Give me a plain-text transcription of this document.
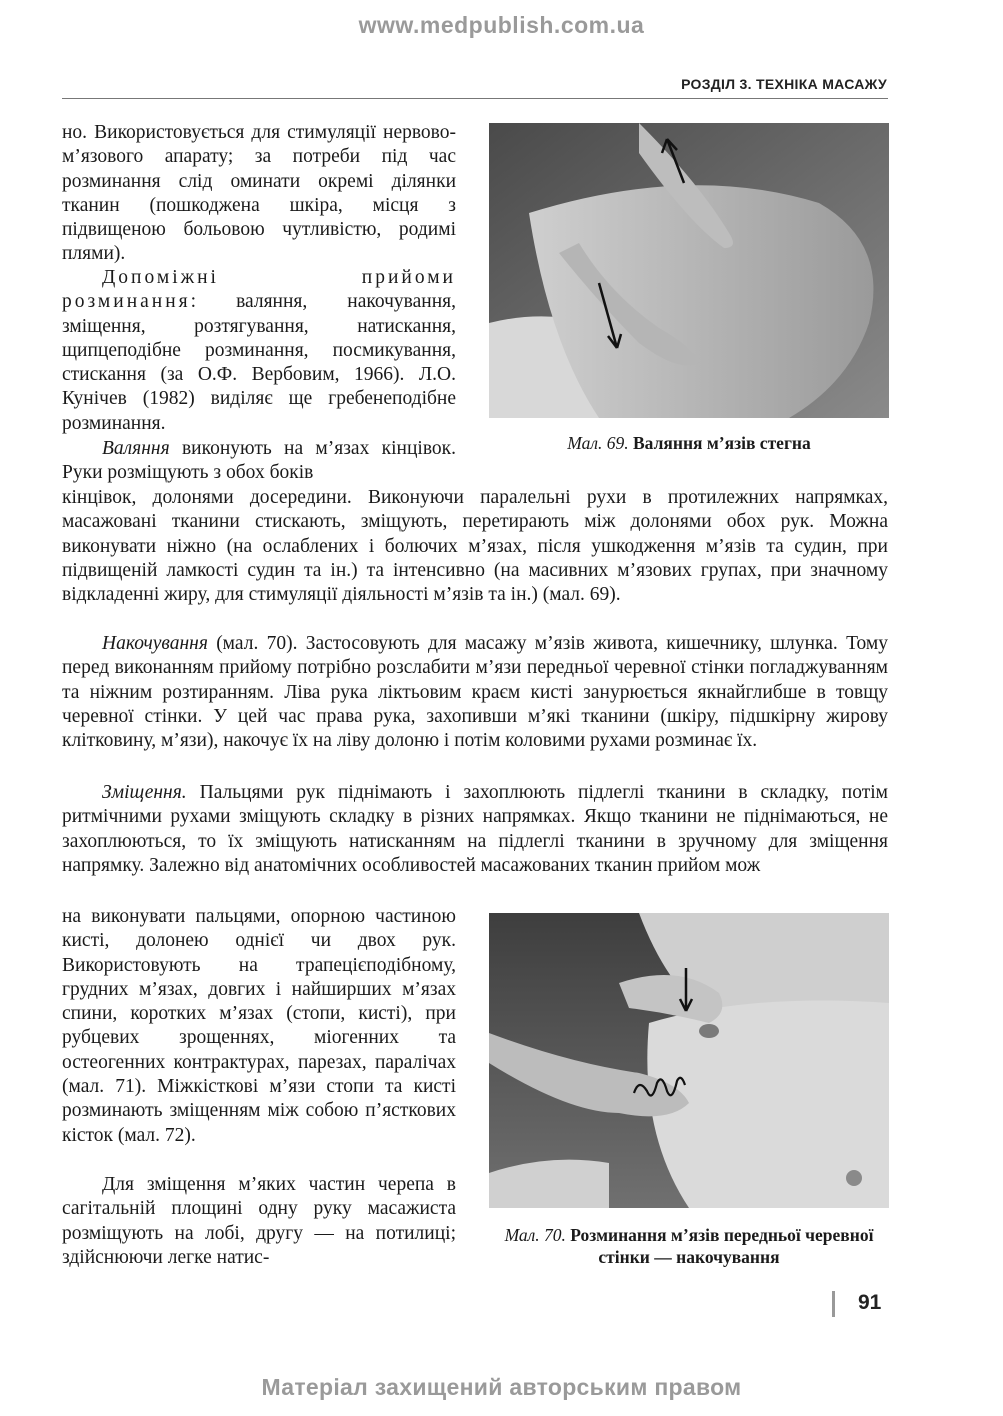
www.medpublish.com.ua
РОЗДІЛ 3. ТЕХНІКА МАСАЖУ

но. Використовується для стимуляції нервово-м’язового апарату; за потреби під час розминання слід оминати окремі ділянки тканин (пошкоджена шкіра, місця з підвищеною больовою чутливістю, родимі плями).

Допоміжні прийоми розминання: валяння, накочування, зміщення, розтягування, натискання, щипцеподібне розминання, посмикування, стискання (за О.Ф. Вербовим, 1966). Л.О. Кунічев (1982) виділяє ще гребенеподібне розминання.

Валяння виконують на м’язах кінцівок. Руки розміщують з обох боків

кінцівок, долонями досередини. Виконуючи паралельні рухи в протилежних напрямках, масажовані тканини стискають, зміщують, перетирають між долонями обох рук. Можна виконувати ніжно (на ослаблених і болючих м’язах, після ушкодження м’язів та судин, при підвищеній ламкості судин та ін.) та інтенсивно (на масивних м’язових групах, при значному відкладенні жиру, для стимуляції діяльності м’язів та ін.) (мал. 69).

Накочування (мал. 70). Застосовують для масажу м’язів живота, кишечнику, шлунка. Тому перед виконанням прийому потрібно розслабити м’язи передньої черевної стінки погладжуванням та ніжним розтиранням. Ліва рука ліктьовим краєм кисті занурюється якнайглибше в товщу черевної стінки. У цей час права рука, захопивши м’які тканини (шкіру, підшкірну жирову клітковину, м’язи), накочує їх на ліву долоню і потім коловими рухами розминає їх.

Зміщення. Пальцями рук піднімають і захоплюють підлеглі тканини в складку, потім ритмічними рухами зміщують складку в різних напрямках. Якщо тканини не піднімаються, не захоплюються, то їх зміщують натисканням на підлеглі тканини в зручному для зміщення напрямку. Залежно від анатомічних особливостей масажованих тканин прийом мож

на виконувати пальцями, опорною частиною кисті, долонею однієї чи двох рук. Використовують на трапецієподібному, грудних м’язах, довгих і найширших м’язах спини, коротких м’язах (стопи, кисті), при рубцевих зрощеннях, міогенних та остеогенних контрактурах, парезах, паралічах (мал. 71). Міжкісткові м’язи стопи та кисті розминають зміщенням між собою п’ясткових кісток (мал. 72).

Для зміщення м’яких частин черепа в сагітальній площині одну руку масажиста розміщують на лобі, другу — на потилиці; здійснюючи легке натис-

Мал. 69. Валяння м’язів стегна
Мал. 70. Розминання м’язів передньої черевної стінки — накочування
91
Матеріал захищений авторським правом
